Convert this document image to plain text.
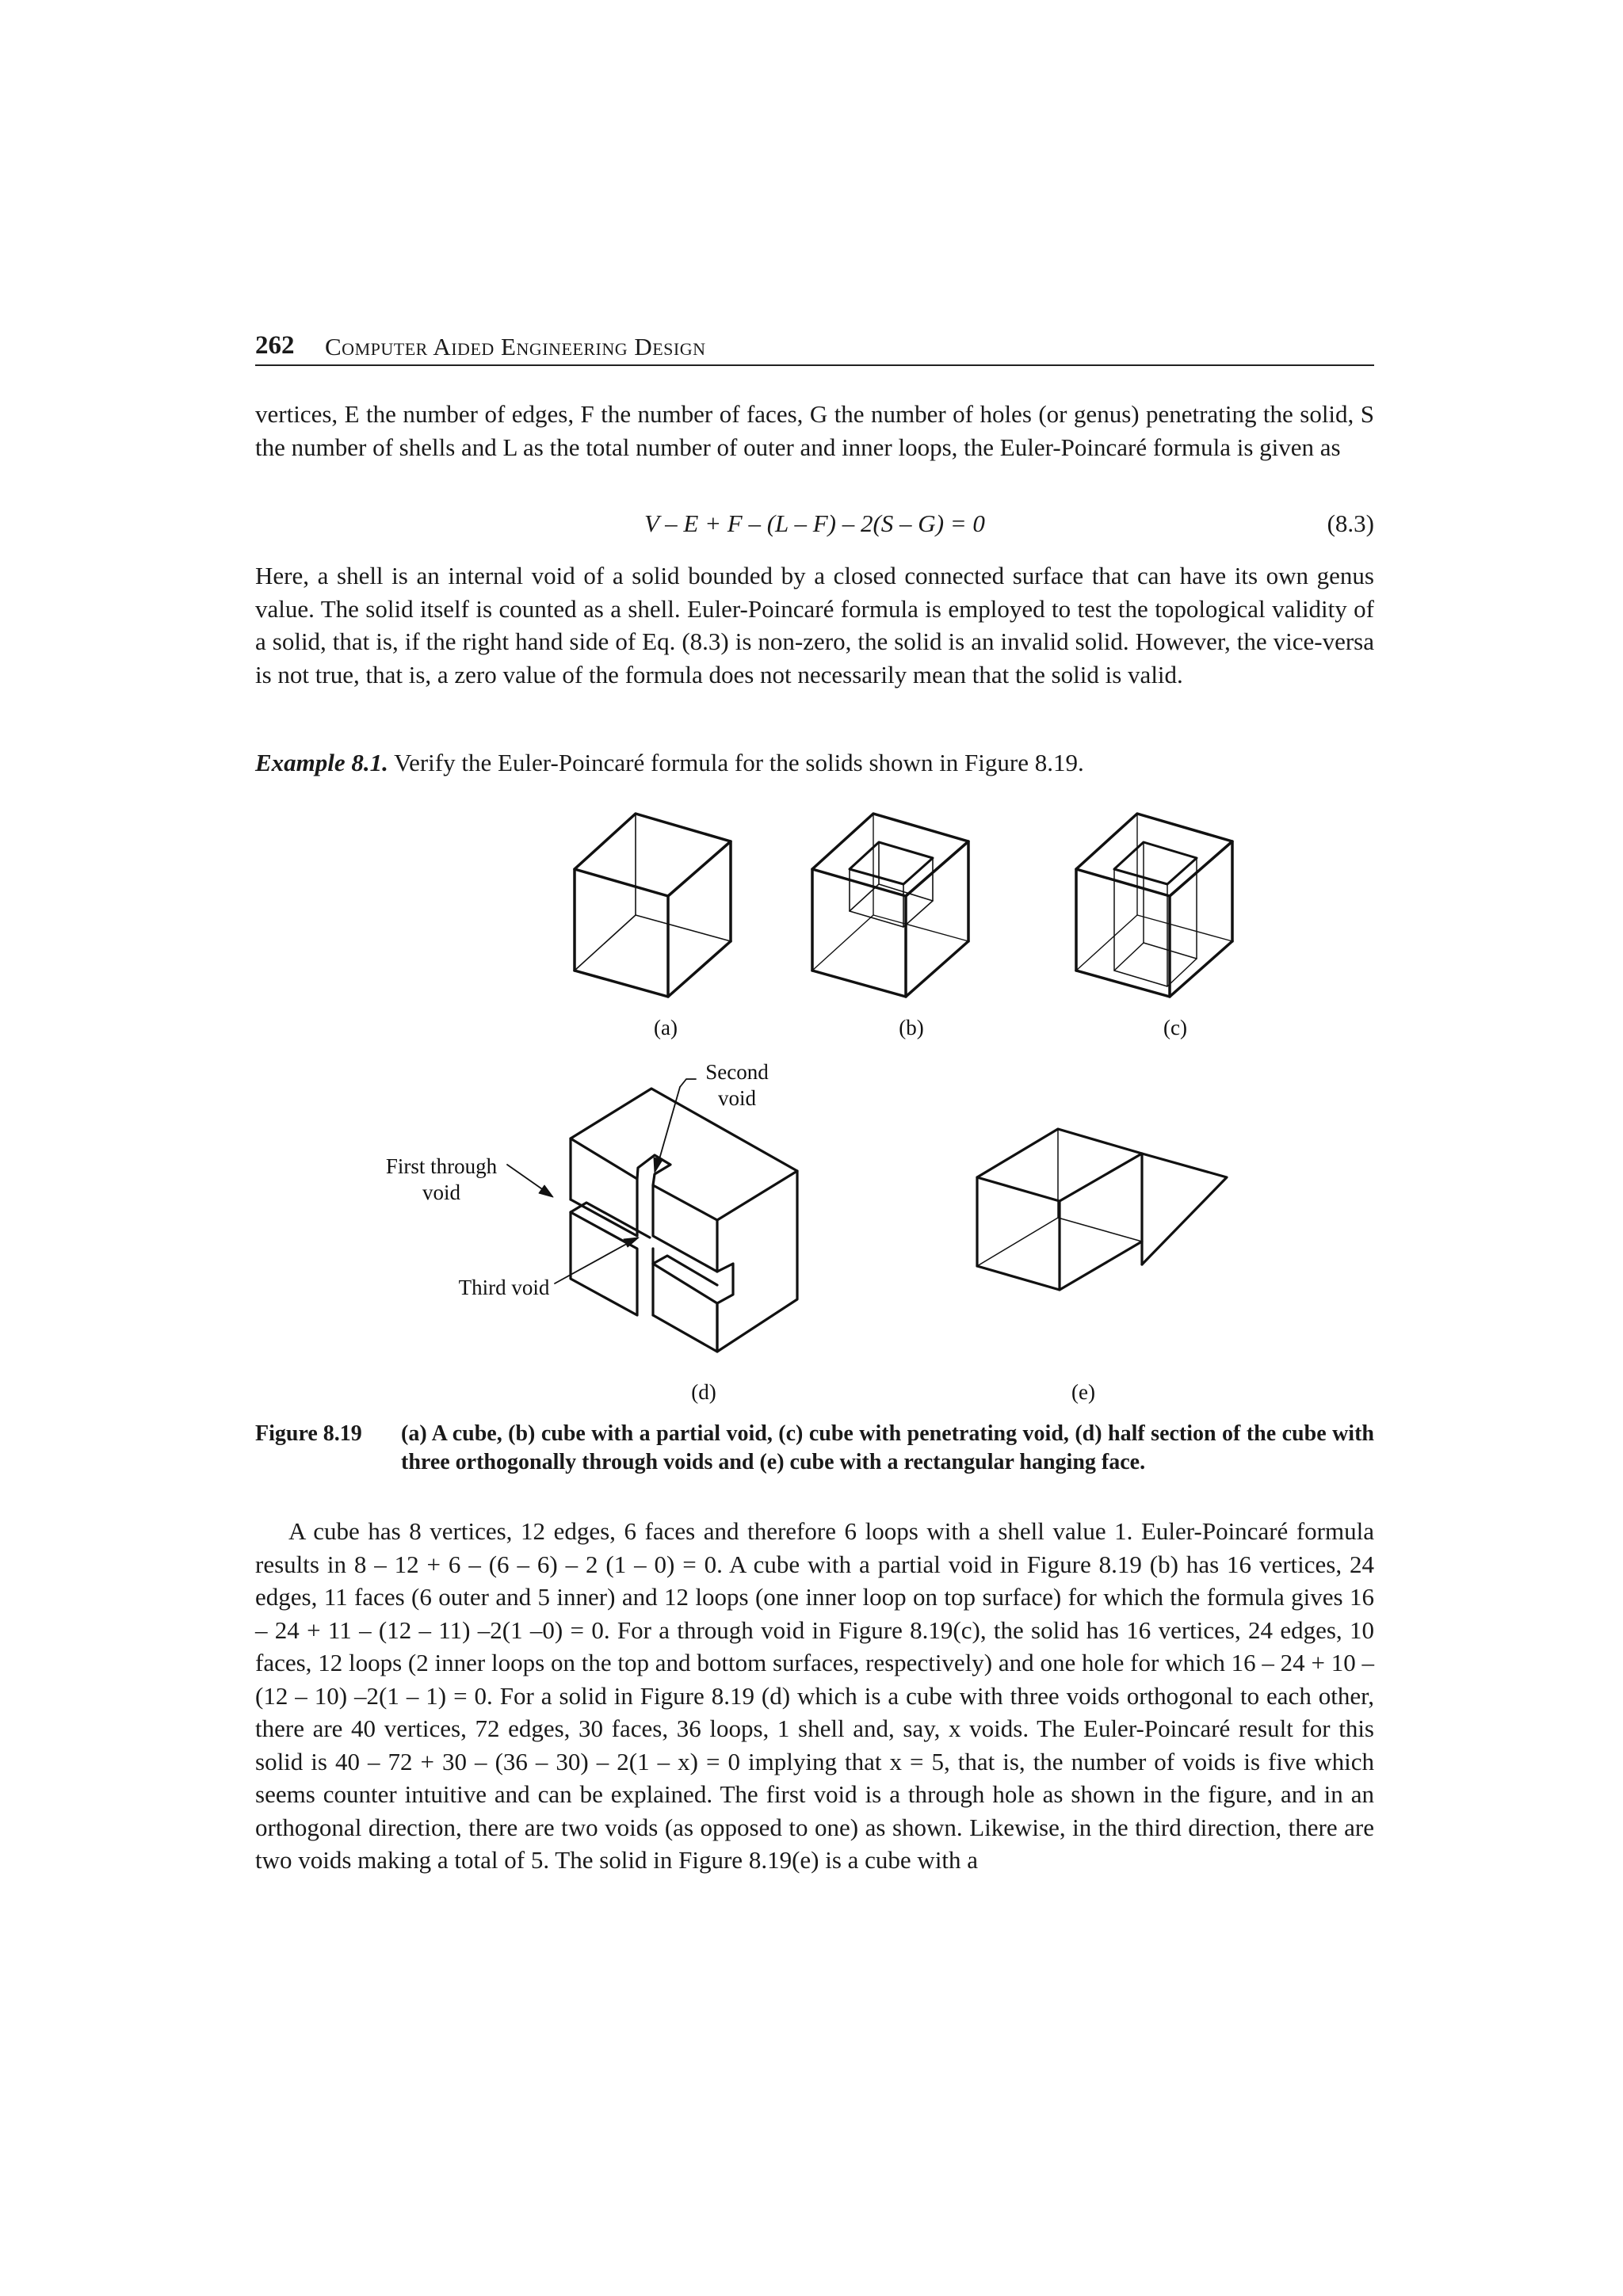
262 Computer Aided Engineering Design

vertices, E the number of edges, F the number of faces, G the number of holes (or genus) penetrating the solid, S the number of shells and L as the total number of outer and inner loops, the Euler-Poincaré formula is given as

V – E + F – (L – F) – 2(S – G) = 0	(8.3)

Here, a shell is an internal void of a solid bounded by a closed connected surface that can have its own genus value. The solid itself is counted as a shell. Euler-Poincaré formula is employed to test the topological validity of a solid, that is, if the right hand side of Eq. (8.3) is non-zero, the solid is an invalid solid. However, the vice-versa is not true, that is, a zero value of the formula does not necessarily mean that the solid is valid.

Example 8.1. Verify the Euler-Poincaré formula for the solids shown in Figure 8.19.

(a)	(b)	(c)
(d)	(e)
Second
void
First through
void
Third void
Figure 8.19 (a) A cube, (b) cube with a partial void, (c) cube with penetrating void, (d) half section of the cube with three orthogonally through voids and (e) cube with a rectangular hanging face.

A cube has 8 vertices, 12 edges, 6 faces and therefore 6 loops with a shell value 1. Euler-Poincaré formula results in 8 – 12 + 6 – (6 – 6) – 2 (1 – 0) = 0. A cube with a partial void in Figure 8.19 (b) has 16 vertices, 24 edges, 11 faces (6 outer and 5 inner) and 12 loops (one inner loop on top surface) for which the formula gives 16 – 24 + 11 – (12 – 11) –2(1 –0) = 0. For a through void in Figure 8.19(c), the solid has 16 vertices, 24 edges, 10 faces, 12 loops (2 inner loops on the top and bottom surfaces, respectively) and one hole for which 16 – 24 + 10 – (12 – 10) –2(1 – 1) = 0. For a solid in Figure 8.19 (d) which is a cube with three voids orthogonal to each other, there are 40 vertices, 72 edges, 30 faces, 36 loops, 1 shell and, say, x voids. The Euler-Poincaré result for this solid is 40 – 72 + 30 – (36 – 30) – 2(1 – x) = 0 implying that x = 5, that is, the number of voids is five which seems counter intuitive and can be explained. The first void is a through hole as shown in the figure, and in an orthogonal direction, there are two voids (as opposed to one) as shown. Likewise, in the third direction, there are two voids making a total of 5. The solid in Figure 8.19(e) is a cube with a
